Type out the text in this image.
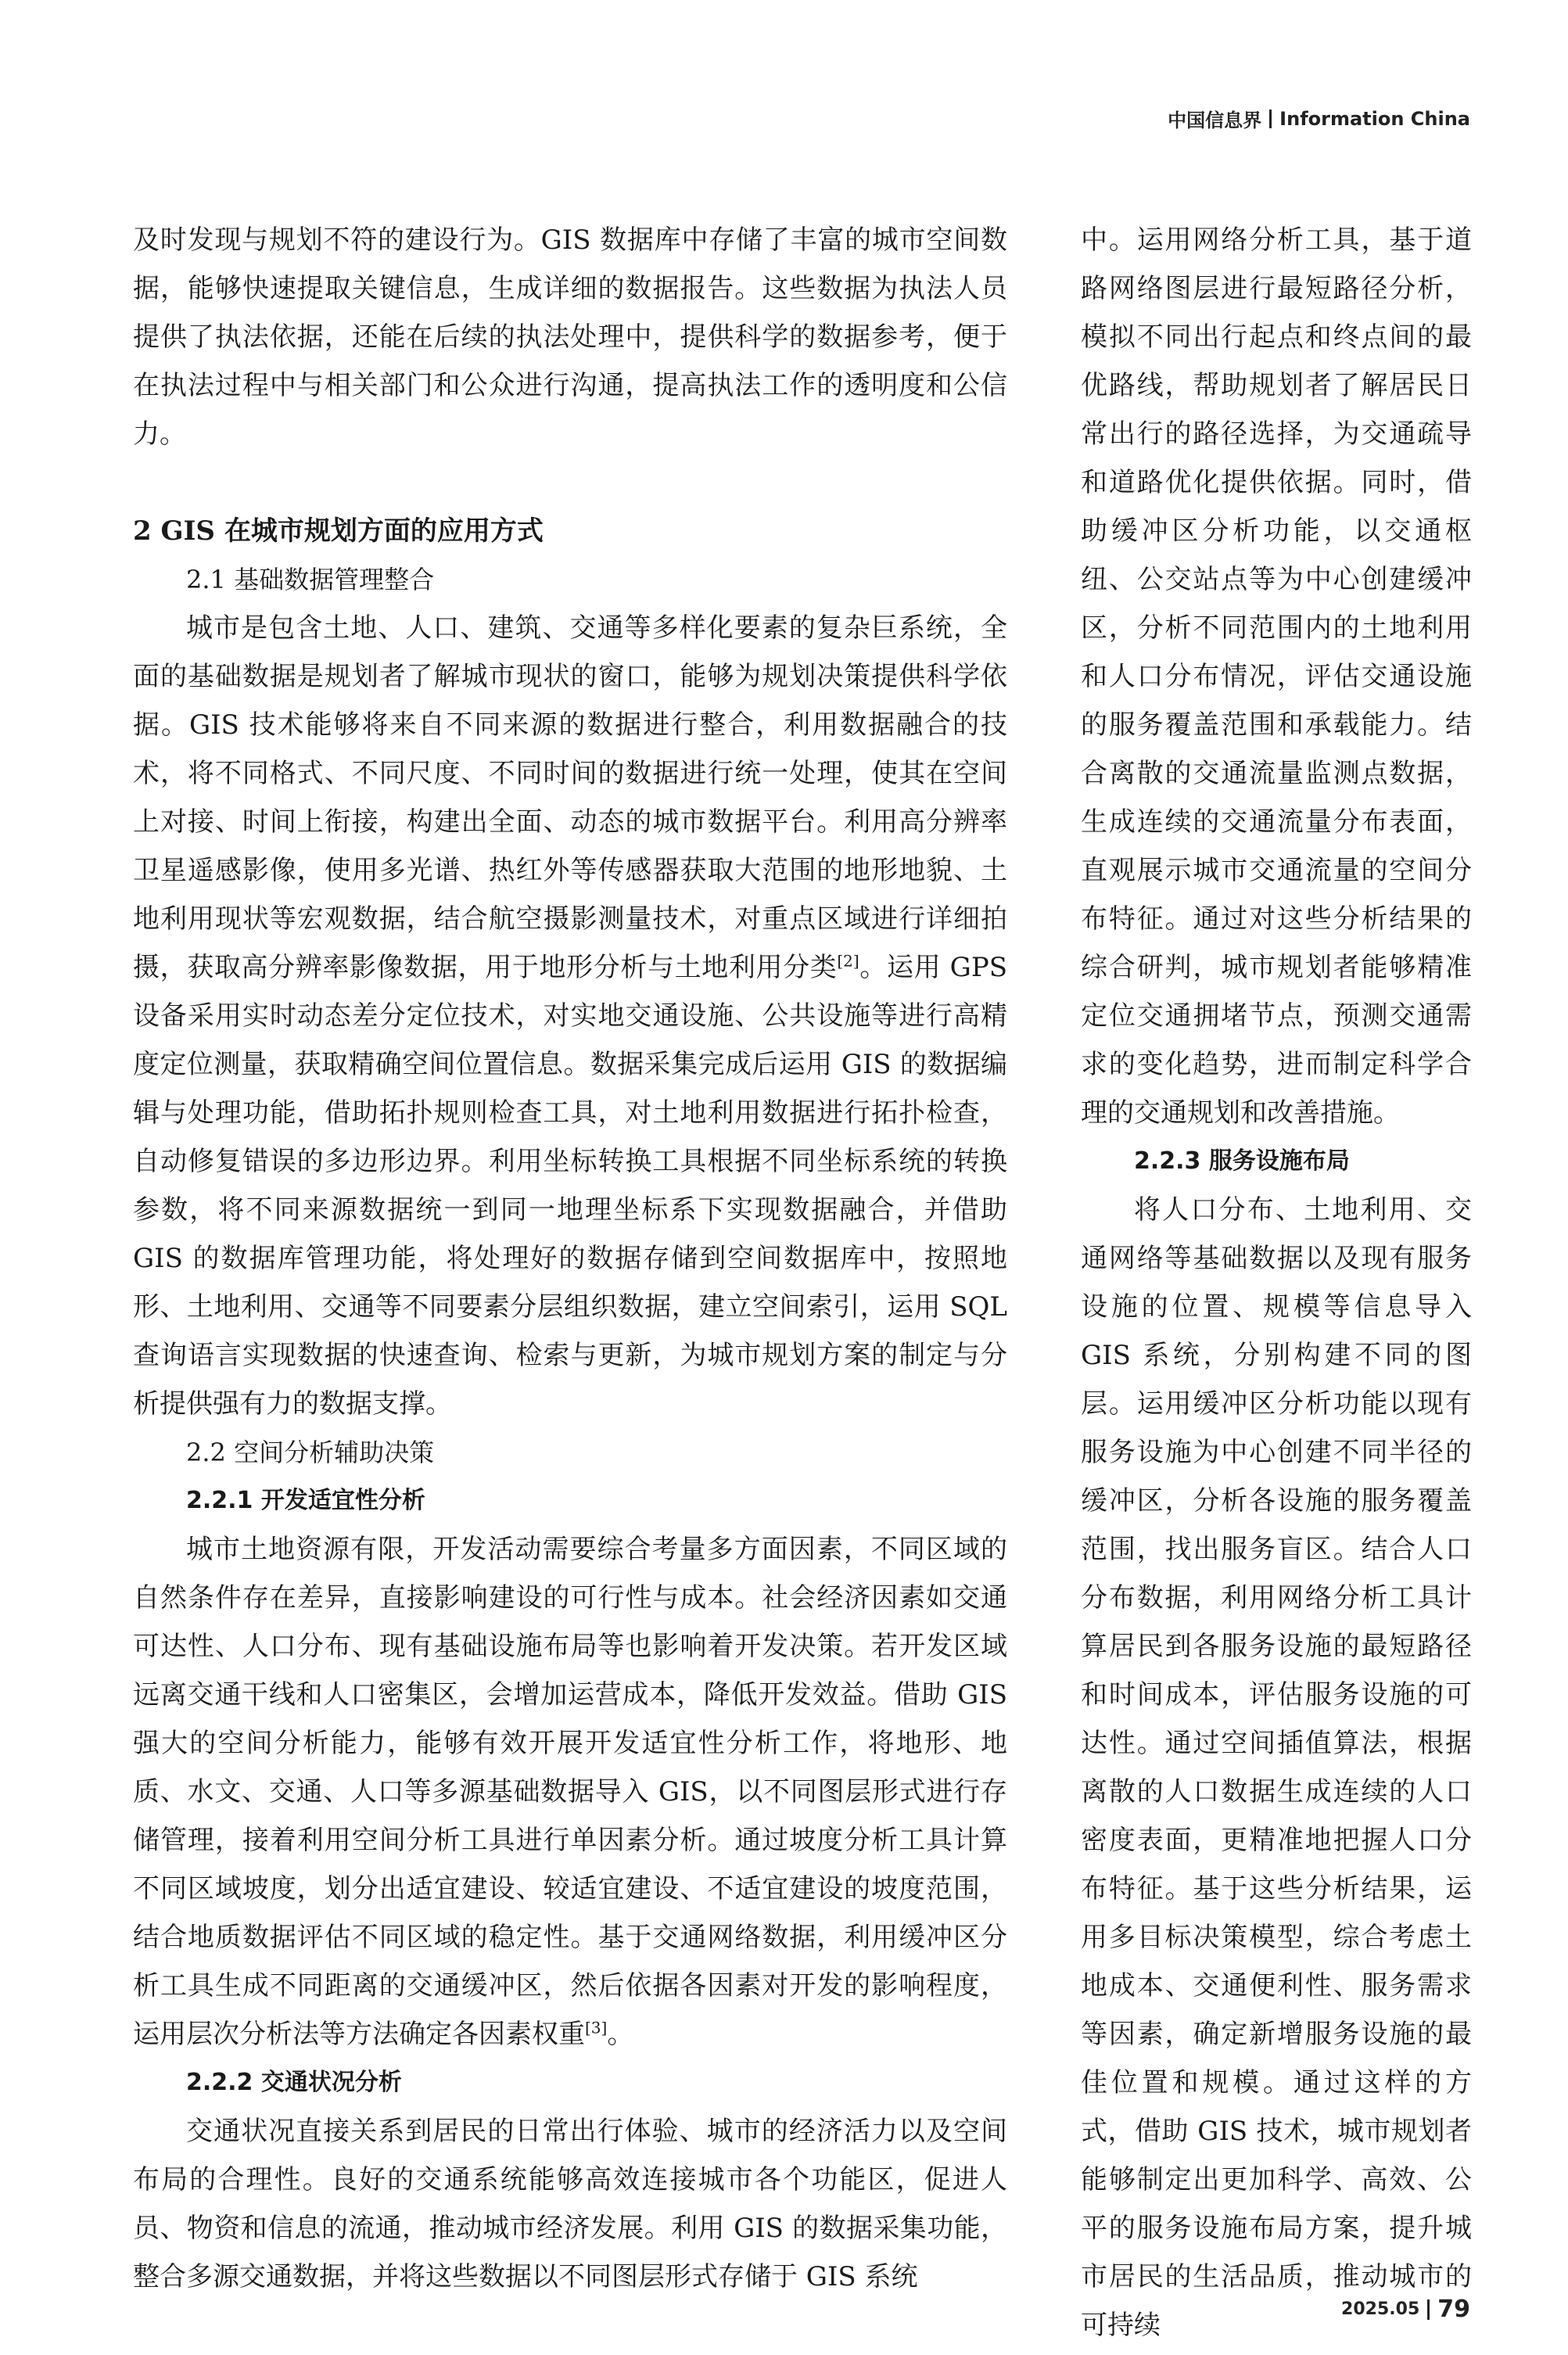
中国信息界 Information China

及时发现与规划不符的建设行为。GIS 数据库中存储了丰富的城市空间数据，能够快速提取关键信息，生成详细的数据报告。这些数据为执法人员提供了执法依据，还能在后续的执法处理中，提供科学的数据参考，便于在执法过程中与相关部门和公众进行沟通，提高执法工作的透明度和公信力。

2 GIS 在城市规划方面的应用方式

2.1 基础数据管理整合

城市是包含土地、人口、建筑、交通等多样化要素的复杂巨系统，全面的基础数据是规划者了解城市现状的窗口，能够为规划决策提供科学依据。GIS 技术能够将来自不同来源的数据进行整合，利用数据融合的技术，将不同格式、不同尺度、不同时间的数据进行统一处理，使其在空间上对接、时间上衔接，构建出全面、动态的城市数据平台。利用高分辨率卫星遥感影像，使用多光谱、热红外等传感器获取大范围的地形地貌、土地利用现状等宏观数据，结合航空摄影测量技术，对重点区域进行详细拍摄，获取高分辨率影像数据，用于地形分析与土地利用分类[2]。运用 GPS 设备采用实时动态差分定位技术，对实地交通设施、公共设施等进行高精度定位测量，获取精确空间位置信息。数据采集完成后运用 GIS 的数据编辑与处理功能，借助拓扑规则检查工具，对土地利用数据进行拓扑检查，自动修复错误的多边形边界。利用坐标转换工具根据不同坐标系统的转换参数，将不同来源数据统一到同一地理坐标系下实现数据融合，并借助 GIS 的数据库管理功能，将处理好的数据存储到空间数据库中，按照地形、土地利用、交通等不同要素分层组织数据，建立空间索引，运用 SQL 查询语言实现数据的快速查询、检索与更新，为城市规划方案的制定与分析提供强有力的数据支撑。

2.2 空间分析辅助决策
2.2.1 开发适宜性分析

城市土地资源有限，开发活动需要综合考量多方面因素，不同区域的自然条件存在差异，直接影响建设的可行性与成本。社会经济因素如交通可达性、人口分布、现有基础设施布局等也影响着开发决策。若开发区域远离交通干线和人口密集区，会增加运营成本，降低开发效益。借助 GIS 强大的空间分析能力，能够有效开展开发适宜性分析工作，将地形、地质、水文、交通、人口等多源基础数据导入 GIS，以不同图层形式进行存储管理，接着利用空间分析工具进行单因素分析。通过坡度分析工具计算不同区域坡度，划分出适宜建设、较适宜建设、不适宜建设的坡度范围，结合地质数据评估不同区域的稳定性。基于交通网络数据，利用缓冲区分析工具生成不同距离的交通缓冲区，然后依据各因素对开发的影响程度，运用层次分析法等方法确定各因素权重[3]。

2.2.2 交通状况分析

交通状况直接关系到居民的日常出行体验、城市的经济活力以及空间布局的合理性。良好的交通系统能够高效连接城市各个功能区，促进人员、物资和信息的流通，推动城市经济发展。利用 GIS 的数据采集功能，整合多源交通数据，并将这些数据以不同图层形式存储于 GIS 系统

中。运用网络分析工具，基于道路网络图层进行最短路径分析，模拟不同出行起点和终点间的最优路线，帮助规划者了解居民日常出行的路径选择，为交通疏导和道路优化提供依据。同时，借助缓冲区分析功能，以交通枢纽、公交站点等为中心创建缓冲区，分析不同范围内的土地利用和人口分布情况，评估交通设施的服务覆盖范围和承载能力。结合离散的交通流量监测点数据，生成连续的交通流量分布表面，直观展示城市交通流量的空间分布特征。通过对这些分析结果的综合研判，城市规划者能够精准定位交通拥堵节点，预测交通需求的变化趋势，进而制定科学合理的交通规划和改善措施。

2.2.3 服务设施布局

将人口分布、土地利用、交通网络等基础数据以及现有服务设施的位置、规模等信息导入 GIS 系统，分别构建不同的图层。运用缓冲区分析功能以现有服务设施为中心创建不同半径的缓冲区，分析各设施的服务覆盖范围，找出服务盲区。结合人口分布数据，利用网络分析工具计算居民到各服务设施的最短路径和时间成本，评估服务设施的可达性。通过空间插值算法，根据离散的人口数据生成连续的人口密度表面，更精准地把握人口分布特征。基于这些分析结果，运用多目标决策模型，综合考虑土地成本、交通便利性、服务需求等因素，确定新增服务设施的最佳位置和规模。通过这样的方式，借助 GIS 技术，城市规划者能够制定出更加科学、高效、公平的服务设施布局方案，提升城市居民的生活品质，推动城市的可持续

2025.05 79
